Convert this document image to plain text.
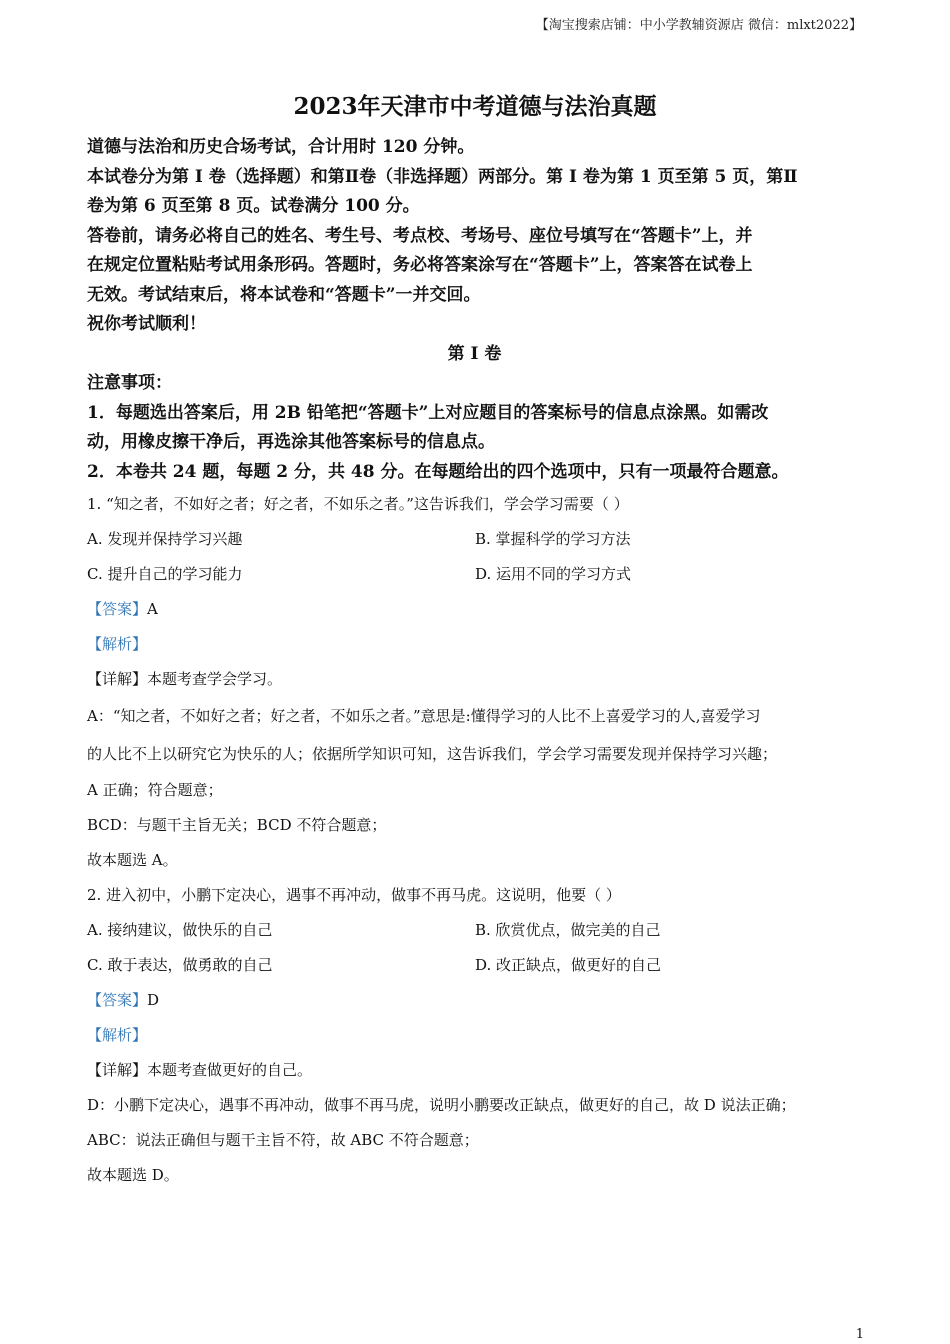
【淘宝搜索店铺：中小学教辅资源店 微信：mlxt2022】
2023年天津市中考道德与法治真题

道德与法治和历史合场考试，合计用时 120 分钟。

本试卷分为第 I 卷（选择题）和第Ⅱ卷（非选择题）两部分。第 I 卷为第 1 页至第 5 页，第Ⅱ

卷为第 6 页至第 8 页。试卷满分 100 分。

答卷前，请务必将自己的姓名、考生号、考点校、考场号、座位号填写在“答题卡”上，并

在规定位置粘贴考试用条形码。答题时，务必将答案涂写在“答题卡”上，答案答在试卷上

无效。考试结束后，将本试卷和“答题卡”一并交回。

祝你考试顺利！

第 I 卷

注意事项：

1．每题选出答案后，用 2B 铅笔把“答题卡”上对应题目的答案标号的信息点涂黑。如需改

动，用橡皮擦干净后，再选涂其他答案标号的信息点。

2．本卷共 24 题，每题 2 分，共 48 分。在每题给出的四个选项中，只有一项最符合题意。

1. “知之者，不如好之者；好之者，不如乐之者。”这告诉我们，学会学习需要（ ）

A. 发现并保持学习兴趣	B. 掌握科学的学习方法
C. 提升自己的学习能力	D. 运用不同的学习方式

【答案】A

【解析】

【详解】本题考查学会学习。

A：“知之者，不如好之者；好之者，不如乐之者。”意思是:懂得学习的人比不上喜爱学习的人,喜爱学习

的人比不上以研究它为快乐的人；依据所学知识可知，这告诉我们，学会学习需要发现并保持学习兴趣；

A 正确；符合题意；

BCD：与题干主旨无关；BCD 不符合题意；

故本题选 A。

2. 进入初中，小鹏下定决心，遇事不再冲动，做事不再马虎。这说明，他要（ ）

A. 接纳建议，做快乐的自己	B. 欣赏优点，做完美的自己
C. 敢于表达，做勇敢的自己	D. 改正缺点，做更好的自己

【答案】D

【解析】

【详解】本题考查做更好的自己。

D：小鹏下定决心，遇事不再冲动，做事不再马虎，说明小鹏要改正缺点，做更好的自己，故 D 说法正确；

ABC：说法正确但与题干主旨不符，故 ABC 不符合题意；

故本题选 D。

1
